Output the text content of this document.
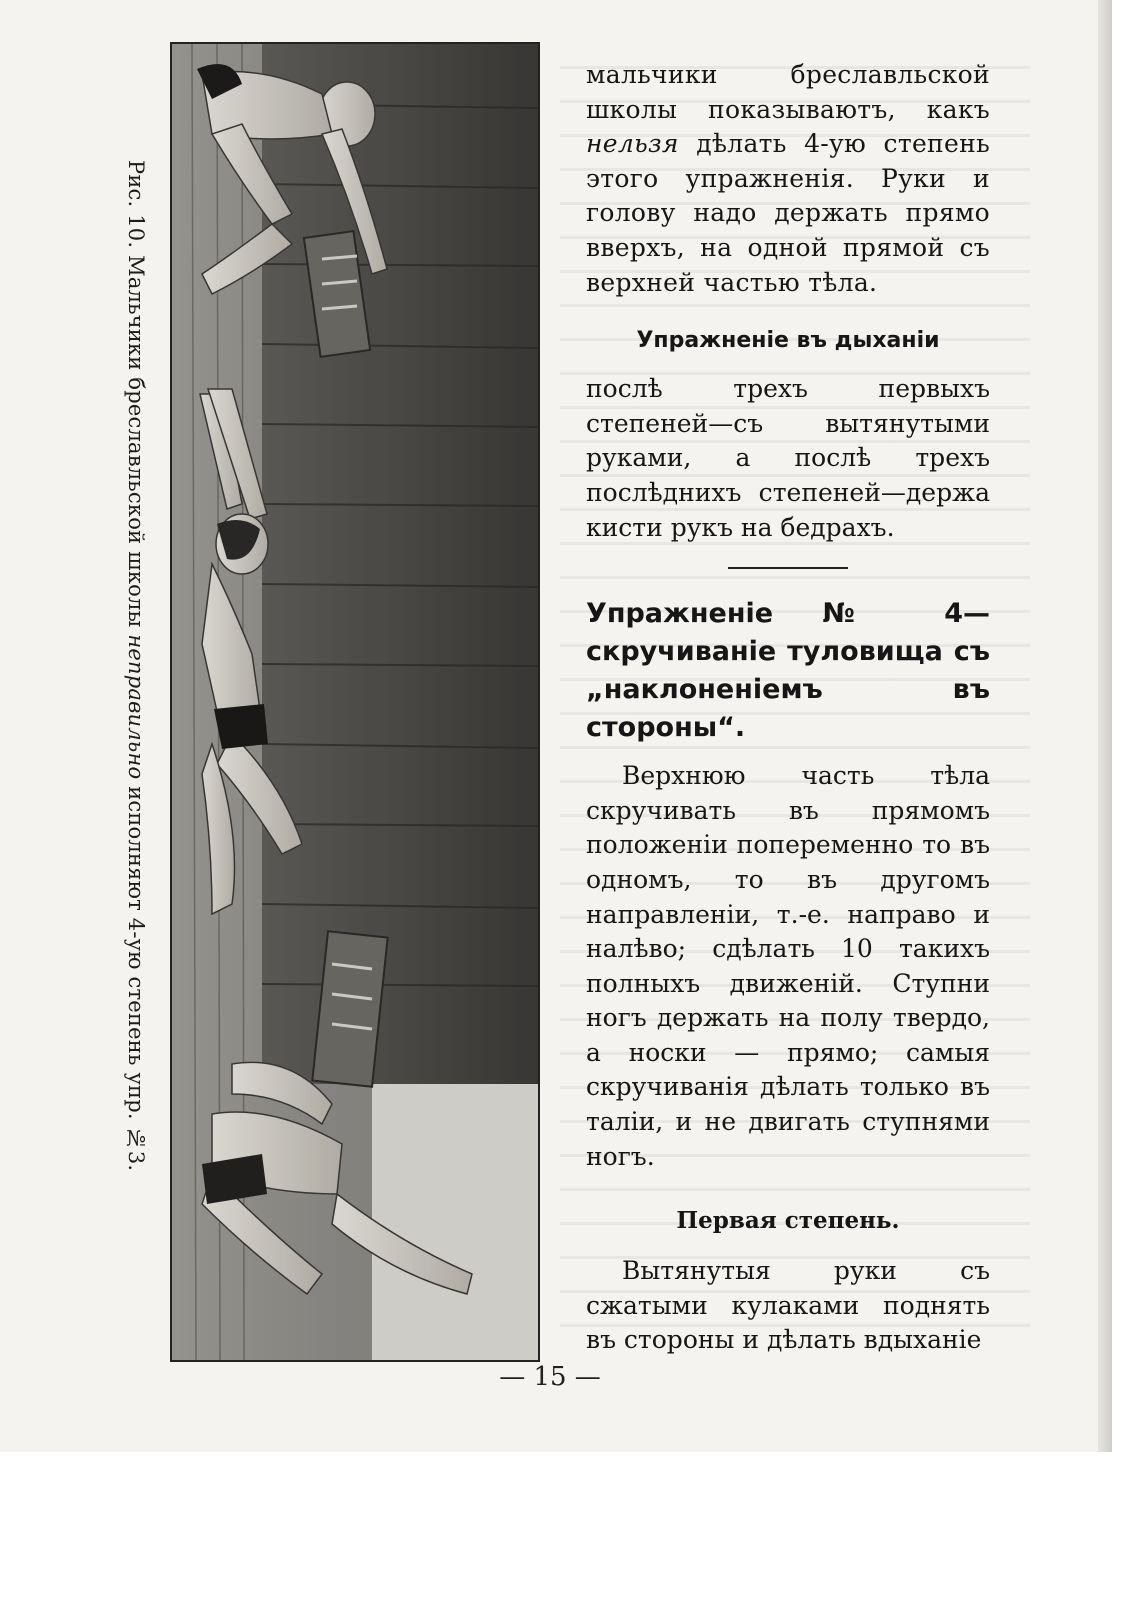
Рис. 10. Мальчики бреславльской школы неправильно исполняют 4-ую степень упр. №3.

мальчики бреславльской школы показываютъ, какъ нельзя дѣлать 4-ую степень этого упражненія. Руки и голову надо держать прямо вверхъ, на одной прямой съ верхней частью тѣла.

Упражненіе въ дыханіи

послѣ трехъ первыхъ степеней—съ вытянутыми руками, а послѣ трехъ послѣднихъ степеней—держа кисти рукъ на бедрахъ.

Упражненіе № 4—скручиваніе туловища съ „наклоненіемъ въ стороны“.

Верхнюю часть тѣла скручивать въ прямомъ положеніи попеременно то въ одномъ, то въ другомъ направленіи, т.-е. направо и налѣво; сдѣлать 10 такихъ полныхъ движеній. Ступни ногъ держать на полу твердо, а носки — прямо; самыя скручиванія дѣлать только въ таліи, и не двигать ступнями ногъ.

Первая степень.

Вытянутыя руки съ сжатыми кулаками поднять въ стороны и дѣлать вдыханіе

— 15 —
